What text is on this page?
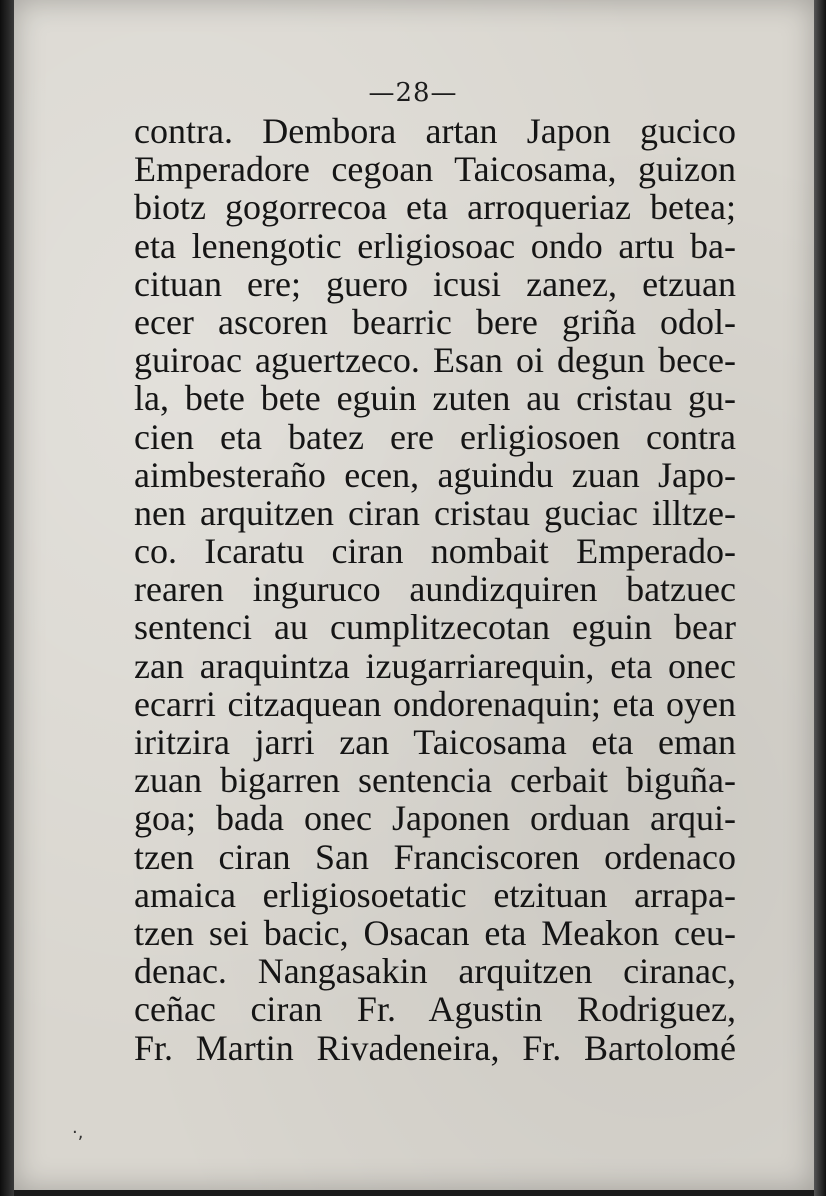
—28—
contra. Dembora artan Japon gucico
Emperadore cegoan Taicosama, guizon
biotz gogorrecoa eta arroqueriaz betea;
eta lenengotic erligiosoac ondo artu ba-
cituan ere; guero icusi zanez, etzuan
ecer ascoren bearric bere griña odol-
guiroac aguertzeco. Esan oi degun bece-
la, bete bete eguin zuten au cristau gu-
cien eta batez ere erligiosoen contra
aimbesteraño ecen, aguindu zuan Japo-
nen arquitzen ciran cristau guciac illtze-
co. Icaratu ciran nombait Emperado-
rearen inguruco aundizquiren batzuec
sentenci au cumplitzecotan eguin bear
zan araquintza izugarriarequin, eta onec
ecarri citzaquean ondorenaquin; eta oyen
iritzira jarri zan Taicosama eta eman
zuan bigarren sentencia cerbait biguña-
goa; bada onec Japonen orduan arqui-
tzen ciran San Franciscoren ordenaco
amaica erligiosoetatic etzituan arrapa-
tzen sei bacic, Osacan eta Meakon ceu-
denac. Nangasakin arquitzen ciranac,
ceñac ciran Fr. Agustin Rodriguez,
Fr. Martin Rivadeneira, Fr. Bartolomé
·,
